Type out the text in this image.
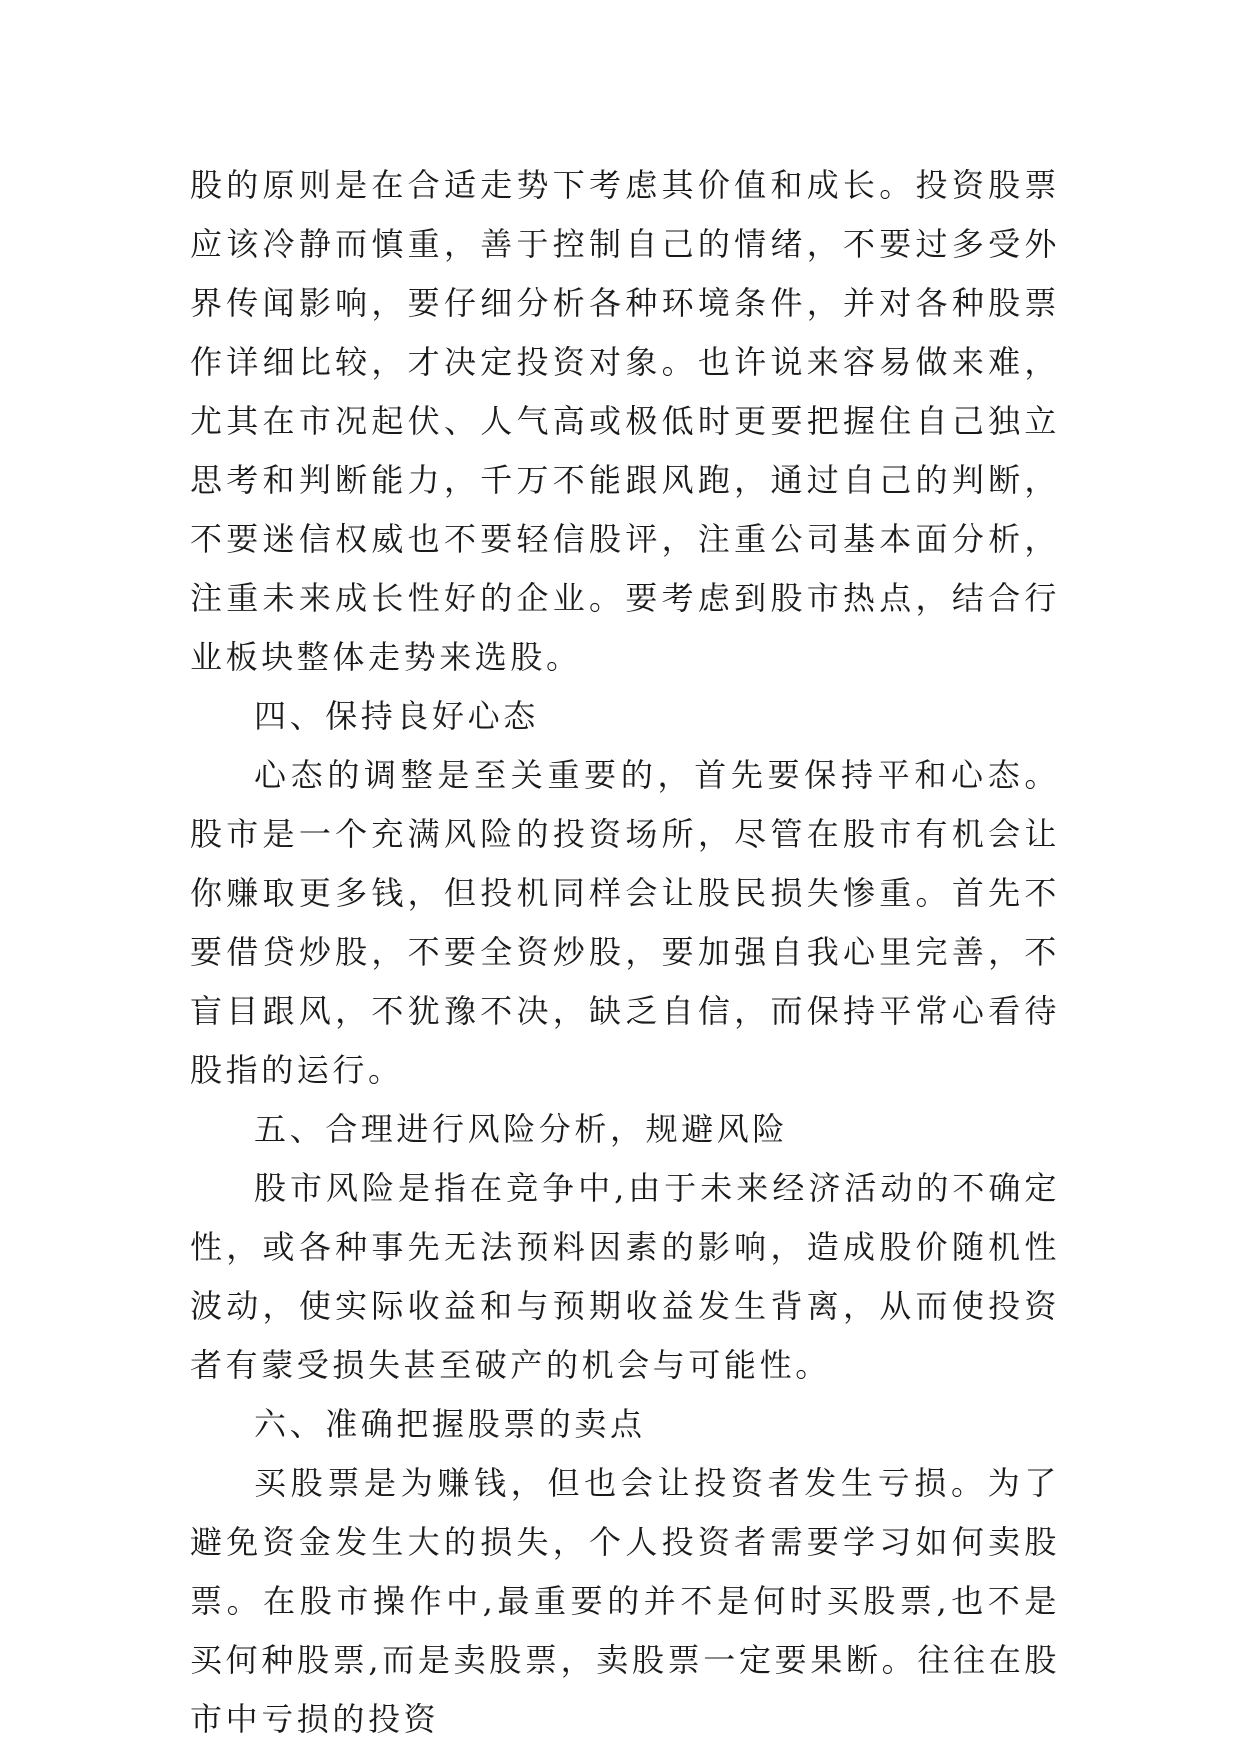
股的原则是在合适走势下考虑其价值和成长。投资股票应该冷静而慎重，善于控制自己的情绪，不要过多受外界传闻影响，要仔细分析各种环境条件，并对各种股票作详细比较，才决定投资对象。也许说来容易做来难，尤其在市况起伏、人气高或极低时更要把握住自己独立思考和判断能力，千万不能跟风跑，通过自己的判断，不要迷信权威也不要轻信股评，注重公司基本面分析，注重未来成长性好的企业。要考虑到股市热点，结合行业板块整体走势来选股。

四、保持良好心态

心态的调整是至关重要的，首先要保持平和心态。股市是一个充满风险的投资场所，尽管在股市有机会让你赚取更多钱，但投机同样会让股民损失惨重。首先不要借贷炒股，不要全资炒股，要加强自我心里完善，不盲目跟风，不犹豫不决，缺乏自信，而保持平常心看待股指的运行。

五、合理进行风险分析，规避风险

股市风险是指在竞争中,由于未来经济活动的不确定性，或各种事先无法预料因素的影响，造成股价随机性波动，使实际收益和与预期收益发生背离，从而使投资者有蒙受损失甚至破产的机会与可能性。

六、准确把握股票的卖点

买股票是为赚钱，但也会让投资者发生亏损。为了避免资金发生大的损失，个人投资者需要学习如何卖股票。在股市操作中,最重要的并不是何时买股票,也不是买何种股票,而是卖股票，卖股票一定要果断。往往在股市中亏损的投资
